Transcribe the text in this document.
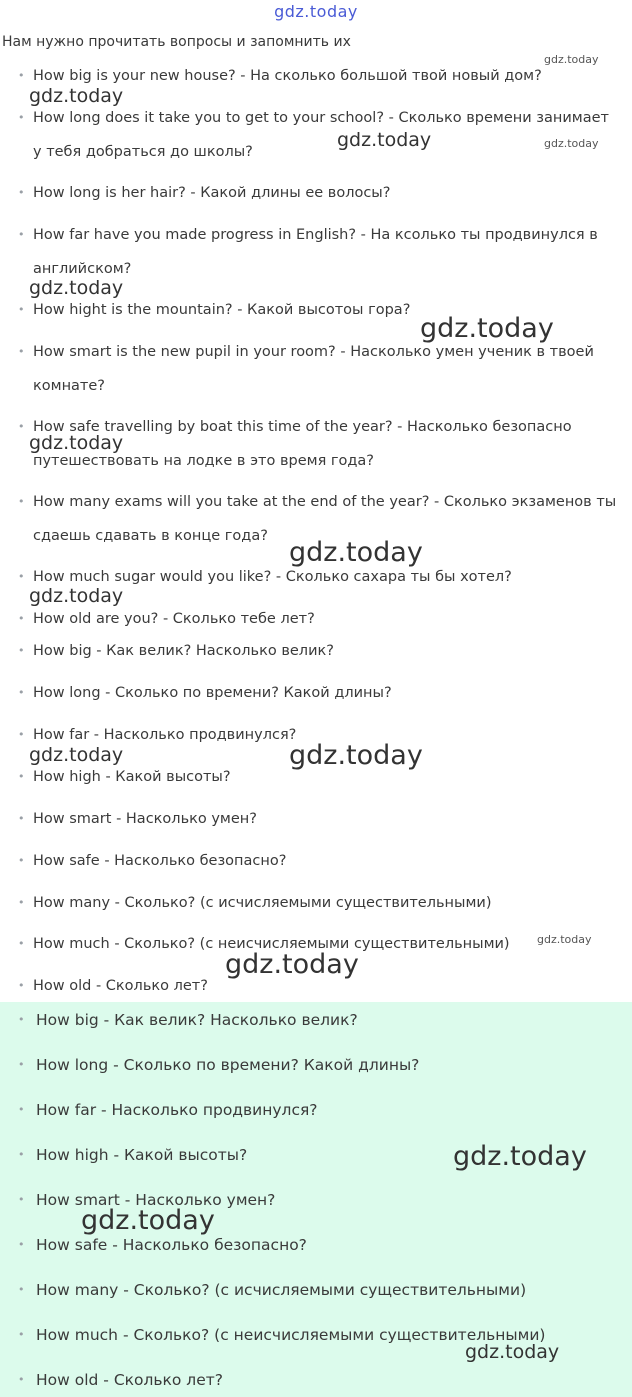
gdz.today
Нам нужно прочитать вопросы и запомнить их
• How big is your new house? - На сколько большой твой новый дом?
• How long does it take you to get to your school? - Сколько времени занимает у тебя добраться до школы?
• How long is her hair? - Какой длины ее волосы?
• How far have you made progress in English? - На ксолько ты продвинулся в английском?
• How hight is the mountain? - Какой высотоы гора?
• How smart is the new pupil in your room? - Насколько умен ученик в твоей комнате?
• How safe travelling by boat this time of the year? - Насколько безопасно путешествовать на лодке в это время года?
• How many exams will you take at the end of the year? - Сколько экзаменов ты сдаешь сдавать в конце года?
• How much sugar would you like? - Сколько сахара ты бы хотел?
• How old are you? - Сколько тебе лет?
• How big - Как велик? Насколько велик?
• How long - Сколько по времени? Какой длины?
• How far - Насколько продвинулся?
• How high - Какой высоты?
• How smart - Насколько умен?
• How safe - Насколько безопасно?
• How many - Сколько? (с исчисляемыми существительными)
• How much - Сколько? (с неисчисляемыми существительными)
• How old - Сколько лет?
• How big - Как велик? Насколько велик?
• How long - Сколько по времени? Какой длины?
• How far - Насколько продвинулся?
• How high - Какой высоты?
• How smart - Насколько умен?
• How safe - Насколько безопасно?
• How many - Сколько? (с исчисляемыми существительными)
• How much - Сколько? (с неисчисляемыми существительными)
• How old - Сколько лет?
gdz.today
gdz.today
gdz.today	gdz.today
gdz.today
gdz.today
gdz.today
gdz.today
gdz.today
gdz.today	gdz.today
gdz.today
gdz.today
gdz.today
gdz.today
gdz.today
